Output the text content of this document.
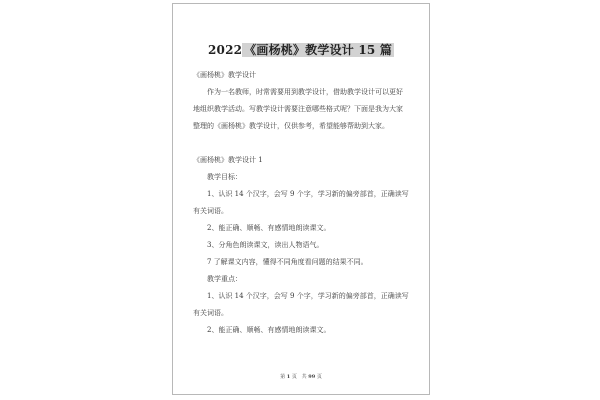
2022 《画杨桃》教学设计 15 篇
《画杨桃》教学设计
作为一名教师，时常需要用到教学设计，借助教学设计可以更好
地组织教学活动。写教学设计需要注意哪些格式呢？下面是我为大家
整理的《画杨桃》教学设计，仅供参考，希望能够帮助到大家。
《画杨桃》教学设计 1
教学目标：
1、认识 14 个汉字，会写 9 个字，学习新的偏旁部首，正确读写
有关词语。
2、能正确、顺畅、有感情地朗读课文。
3、分角色朗读课文，读出人物语气。
7 了解课文内容，懂得不同角度看问题的结果不同。
教学重点：
1、认识 14 个汉字，会写 9 个字，学习新的偏旁部首，正确读写
有关词语。
2、能正确、顺畅、有感情地朗读课文。
第 1 页 共 99 页
